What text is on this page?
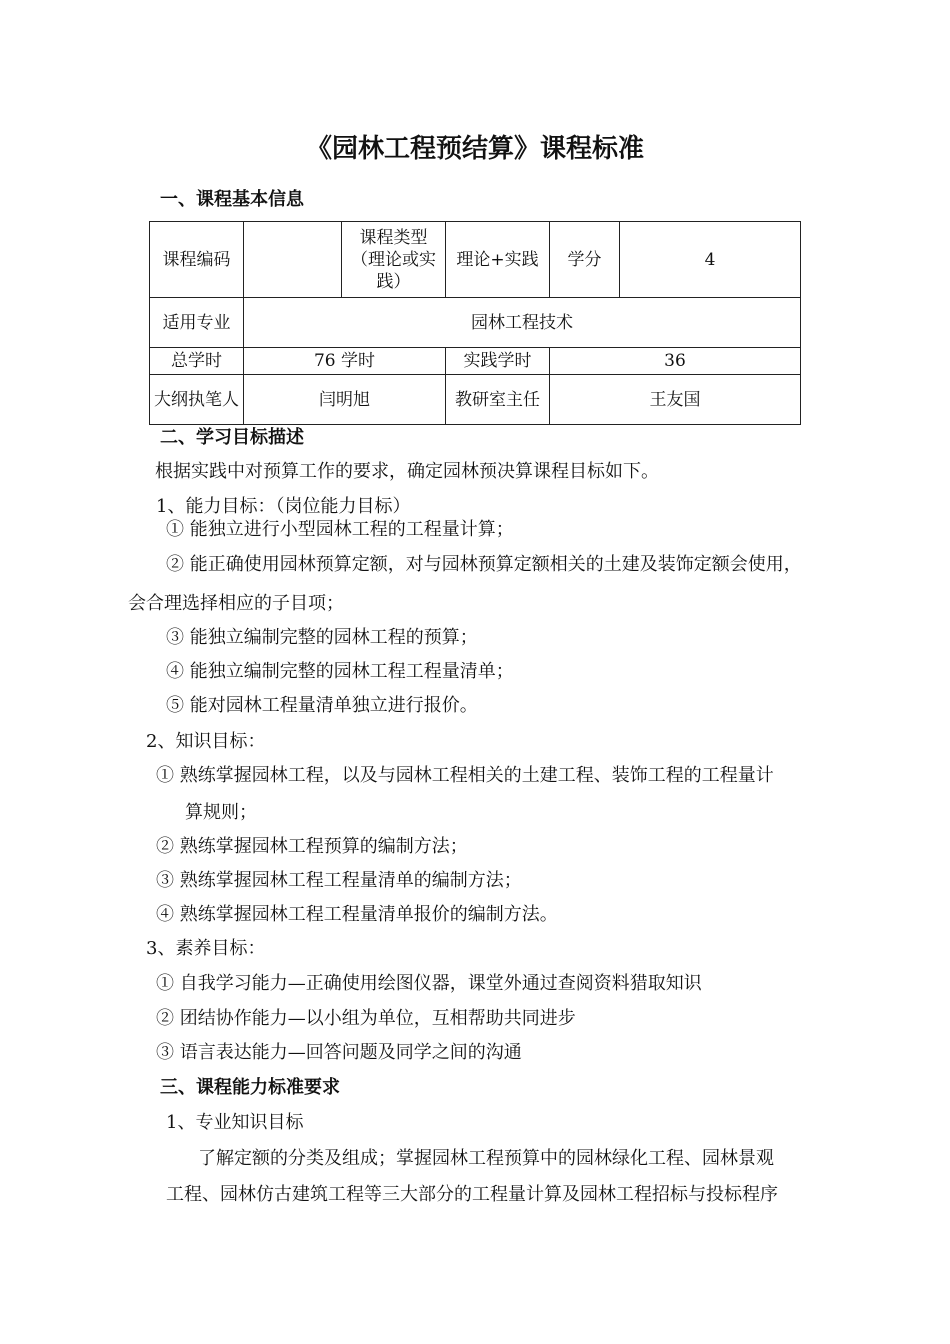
《园林工程预结算》课程标准
一、课程基本信息
课程编码		课程类型（理论或实践）	理论+实践	学分	4
适用专业	园林工程技术				
总学时	76 学时		实践学时	36	
大纲执笔人	闫明旭		教研室主任	王友国	
二、学习目标描述
根据实践中对预算工作的要求，确定园林预决算课程目标如下。
1、能力目标：（岗位能力目标）
① 能独立进行小型园林工程的工程量计算；
② 能正确使用园林预算定额，对与园林预算定额相关的土建及装饰定额会使用，
会合理选择相应的子目项；
③ 能独立编制完整的园林工程的预算；
④ 能独立编制完整的园林工程工程量清单；
⑤ 能对园林工程量清单独立进行报价。
2、知识目标：
① 熟练掌握园林工程，以及与园林工程相关的土建工程、装饰工程的工程量计
算规则；
② 熟练掌握园林工程预算的编制方法；
③ 熟练掌握园林工程工程量清单的编制方法；
④ 熟练掌握园林工程工程量清单报价的编制方法。
3、素养目标：
① 自我学习能力—正确使用绘图仪器，课堂外通过查阅资料猎取知识
② 团结协作能力—以小组为单位，互相帮助共同进步
③ 语言表达能力—回答问题及同学之间的沟通
三、课程能力标准要求
1、专业知识目标
了解定额的分类及组成；掌握园林工程预算中的园林绿化工程、园林景观
工程、园林仿古建筑工程等三大部分的工程量计算及园林工程招标与投标程序
